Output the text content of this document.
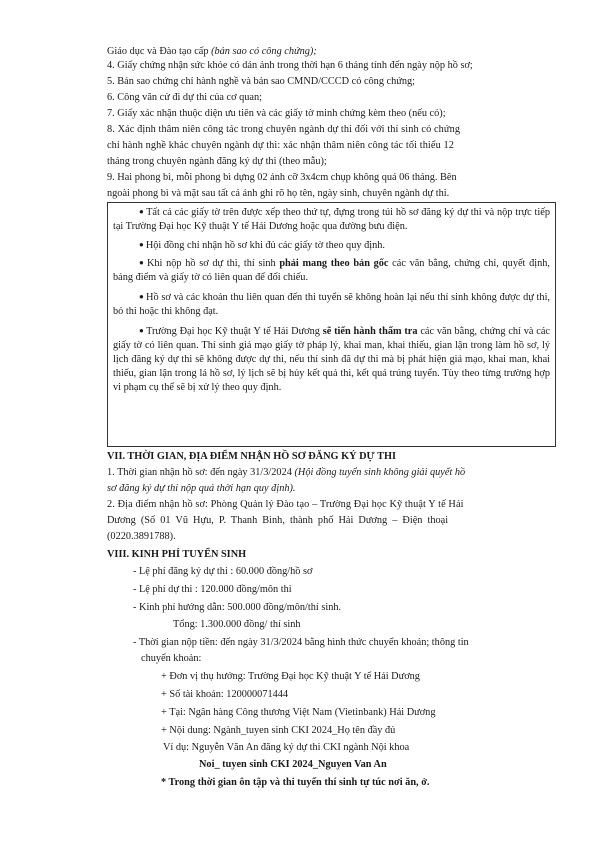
Giáo dục và Đào tạo cấp (bản sao có công chứng);
4. Giấy chứng nhận sức khỏe có dán ảnh trong thời hạn 6 tháng tính đến ngày nộp hồ sơ;
5. Bản sao chứng chỉ hành nghề và bản sao CMND/CCCD có công chứng;
6. Công văn cử đi dự thi của cơ quan;
7. Giấy xác nhận thuộc diện ưu tiên và các giấy tờ minh chứng kèm theo (nếu có);
8. Xác định thâm niên công tác trong chuyên ngành dự thi đối với thí sinh có chứng
chỉ hành nghề khác chuyên ngành dự thi: xác nhận thâm niên công tác tối thiểu 12
tháng trong chuyên ngành đăng ký dự thi (theo mẫu);
9. Hai phong bì, mỗi phong bì dựng 02 ảnh cỡ 3x4cm chụp không quá 06 tháng. Bên
ngoài phong bì và mặt sau tất cả ảnh ghi rõ họ tên, ngày sinh, chuyên ngành dự thi.
● Tất cả các giấy tờ trên được xếp theo thứ tự, đựng trong túi hồ sơ đăng ký dự thi và nộp trực tiếp tại Trường Đại học Kỹ thuật Y tế Hải Dương hoặc qua đường bưu điện.
● Hội đồng chỉ nhận hồ sơ khi đủ các giấy tờ theo quy định.
● Khi nộp hồ sơ dự thi, thí sinh phải mang theo bản gốc các văn bằng, chứng chỉ, quyết định, bảng điểm và giấy tờ có liên quan để đối chiếu.
● Hồ sơ và các khoản thu liên quan đến thi tuyển sẽ không hoàn lại nếu thí sinh không được dự thi, bỏ thi hoặc thi không đạt.
● Trường Đại học Kỹ thuật Y tế Hải Dương sẽ tiến hành thẩm tra các văn bằng, chứng chỉ và các giấy tờ có liên quan. Thí sinh giả mạo giấy tờ pháp lý, khai man, khai thiếu, gian lận trong làm hồ sơ, lý lịch đăng ký dự thi sẽ không được dự thi, nếu thí sinh đã dự thi mà bị phát hiện giả mạo, khai man, khai thiếu, gian lận trong lá hồ sơ, lý lịch sẽ bị hủy kết quả thi, kết quả trúng tuyển. Tùy theo từng trường hợp vi phạm cụ thể sẽ bị xử lý theo quy định.
VII. THỜI GIAN, ĐỊA ĐIỂM NHẬN HỒ SƠ ĐĂNG KÝ DỰ THI
1. Thời gian nhận hồ sơ: đến ngày 31/3/2024 (Hội đồng tuyển sinh không giải quyết hồ
sơ đăng ký dự thi nộp quá thời hạn quy định).
2. Địa điểm nhận hồ sơ: Phòng Quản lý Đào tạo – Trường Đại học Kỹ thuật Y tế Hải
Dương (Số 01 Vũ Hựu, P. Thanh Bình, thành phố Hải Dương – Điện thoại
(0220.3891788).
VIII. KINH PHÍ TUYỂN SINH
- Lệ phí đăng ký dự thi : 60.000 đồng/hồ sơ
- Lệ phí dự thi : 120.000 đồng/môn thi
- Kinh phí hướng dẫn: 500.000 đồng/môn/thí sinh.
Tổng: 1.300.000 đồng/ thí sinh
- Thời gian nộp tiền: đến ngày 31/3/2024 bằng hình thức chuyển khoản; thông tin
chuyển khoản:
+ Đơn vị thụ hưởng: Trường Đại học Kỹ thuật Y tế Hải Dương
+ Số tài khoản: 120000071444
+ Tại: Ngân hàng Công thương Việt Nam (Vietinbank) Hải Dương
+ Nội dung: Ngành_tuyen sinh CKI 2024_Họ tên đầy đủ
Ví dụ: Nguyễn Văn An đăng ký dự thi CKI ngành Nội khoa
Noi_ tuyen sinh CKI 2024_Nguyen Van An
* Trong thời gian ôn tập và thi tuyển thí sinh tự túc nơi ăn, ở.
